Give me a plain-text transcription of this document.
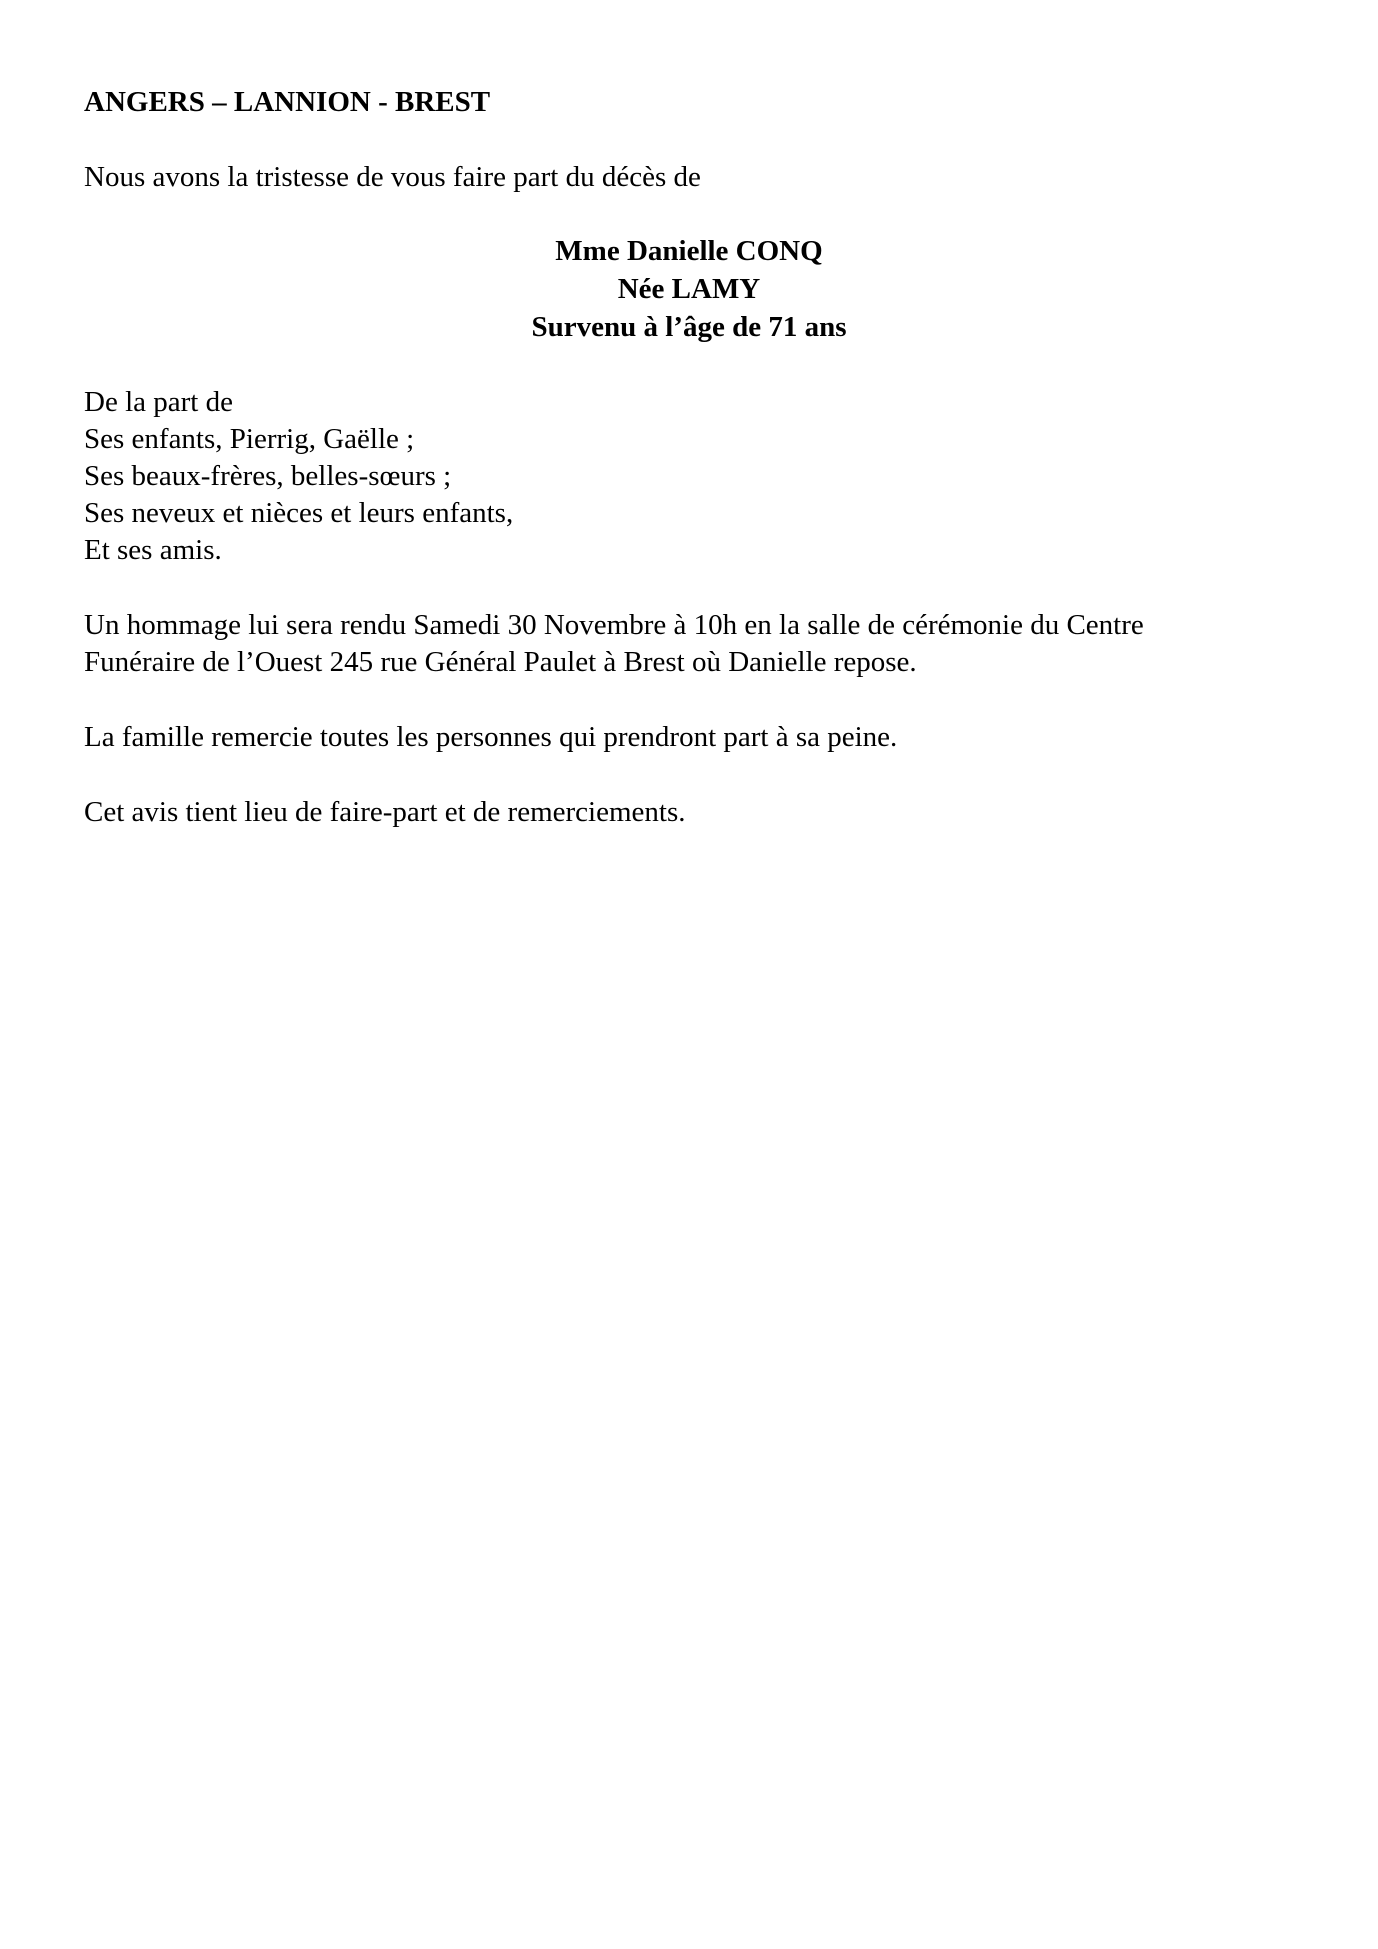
ANGERS – LANNION - BREST
Nous avons la tristesse de vous faire part du décès de
Mme Danielle CONQ
Née LAMY
Survenu à l’âge de 71 ans
De la part de
Ses enfants, Pierrig, Gaëlle ;
Ses beaux-frères, belles-sœurs ;
Ses neveux et nièces et leurs enfants,
Et ses amis.
Un hommage lui sera rendu Samedi 30 Novembre à 10h en la salle de cérémonie du Centre
Funéraire de l’Ouest 245 rue Général Paulet à Brest où Danielle repose.
La famille remercie toutes les personnes qui prendront part à sa peine.
Cet avis tient lieu de faire-part et de remerciements.
